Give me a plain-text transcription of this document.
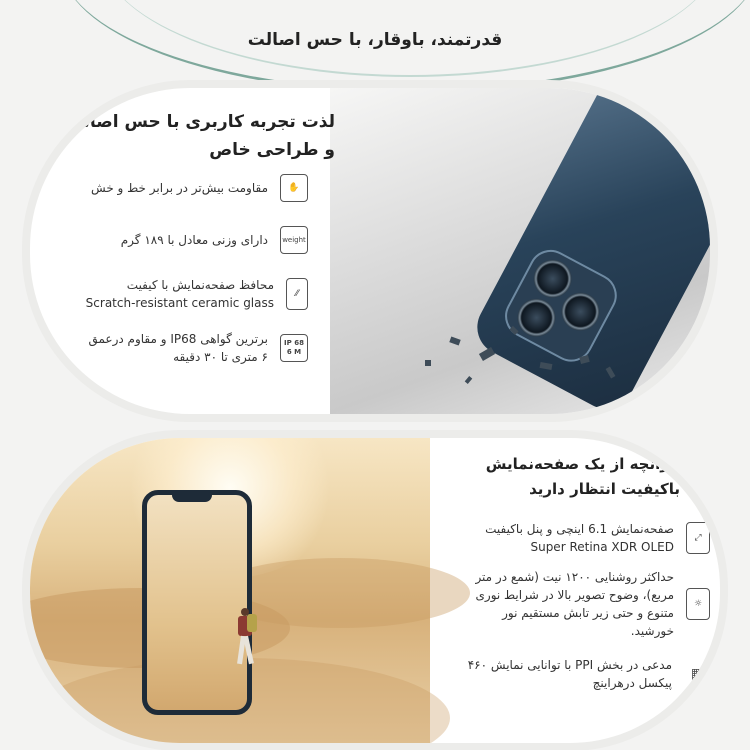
قدرتمند، باوقار، با حس اصالت
لذت تجربه کاربری با حس اصالت
و طراحی خاص
✋
مقاومت بیش‌تر در برابر خط و خش
weight
دارای وزنی معادل با ۱۸۹ گرم
⁄⁄
محافظ صفحه‌نمایش با کیفیت
Scratch-resistant ceramic glass
IP 68
6 M
برترین گواهی IP68 و مقاوم درعمق
۶ متری تا ۳۰ دقیقه
هرآنچه از یک صفحه‌نمایش
باکیفیت انتظار دارید
⤢
صفحه‌نمایش 6.1 اینچی و پنل باکیفیت
Super Retina XDR OLED
☼
حداکثر روشنایی ۱۲۰۰ نیت (شمع در متر
مربع)، وضوح تصویر بالا در شرایط نوری
متنوع و حتی زیر تابش مستقیم نور
خورشید.
▦
مدعی در بخش PPI با توانایی نمایش ۴۶۰
پیکسل درهراینچ
